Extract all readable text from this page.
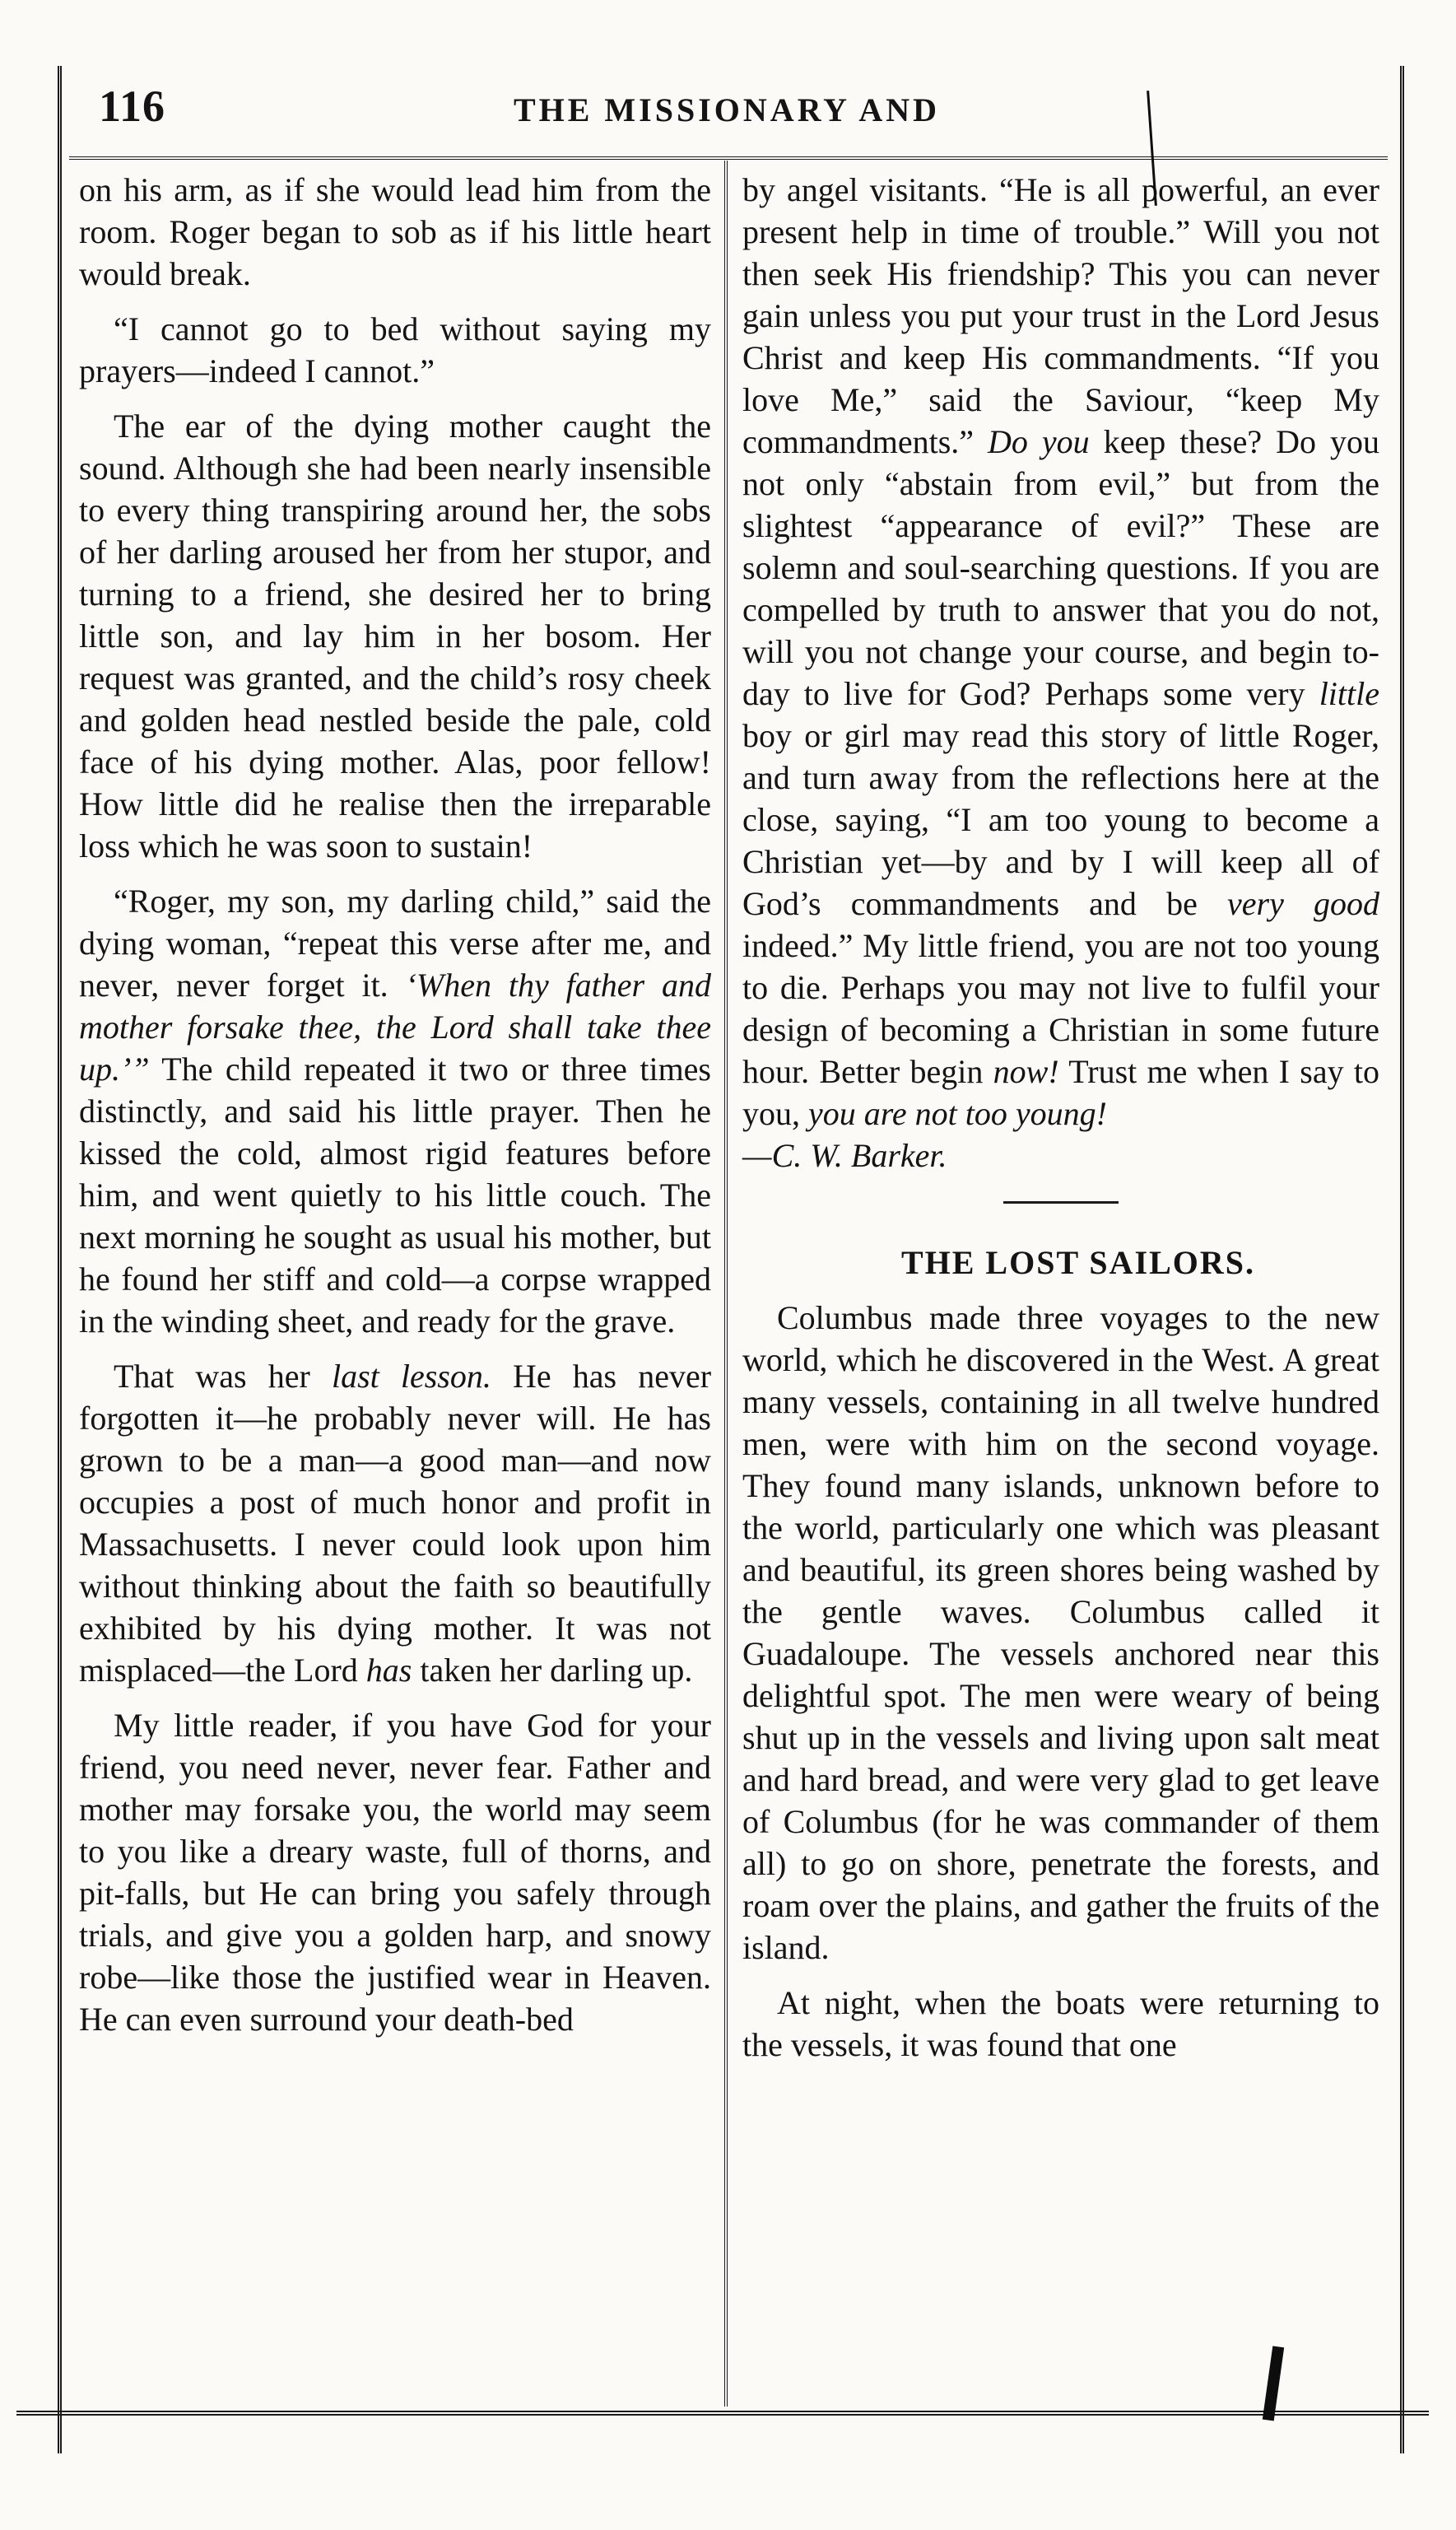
116	THE MISSIONARY AND

on his arm, as if she would lead him from the room. Roger began to sob as if his little heart would break.

“I cannot go to bed without saying my prayers—indeed I cannot.”

The ear of the dying mother caught the sound. Although she had been nearly insensible to every thing transpiring around her, the sobs of her darling aroused her from her stupor, and turning to a friend, she desired her to bring little son, and lay him in her bosom. Her request was granted, and the child’s rosy cheek and golden head nestled beside the pale, cold face of his dying mother. Alas, poor fellow! How little did he realise then the irreparable loss which he was soon to sustain!

“Roger, my son, my darling child,” said the dying woman, “repeat this verse after me, and never, never forget it. ‘When thy father and mother forsake thee, the Lord shall take thee up.’” The child repeated it two or three times distinctly, and said his little prayer. Then he kissed the cold, almost rigid features before him, and went quietly to his little couch. The next morning he sought as usual his mother, but he found her stiff and cold—a corpse wrapped in the winding sheet, and ready for the grave.

That was her last lesson. He has never forgotten it—he probably never will. He has grown to be a man—a good man—and now occupies a post of much honor and profit in Massachusetts. I never could look upon him without thinking about the faith so beautifully exhibited by his dying mother. It was not misplaced—the Lord has taken her darling up.

My little reader, if you have God for your friend, you need never, never fear. Father and mother may forsake you, the world may seem to you like a dreary waste, full of thorns, and pit-falls, but He can bring you safely through trials, and give you a golden harp, and snowy robe—like those the justified wear in Heaven. He can even surround your death-bed

by angel visitants. “He is all powerful, an ever present help in time of trouble.” Will you not then seek His friendship? This you can never gain unless you put your trust in the Lord Jesus Christ and keep His commandments. “If you love Me,” said the Saviour, “keep My commandments.” Do you keep these? Do you not only “abstain from evil,” but from the slightest “appearance of evil?” These are solemn and soul-searching questions. If you are compelled by truth to answer that you do not, will you not change your course, and begin to-day to live for God? Perhaps some very little boy or girl may read this story of little Roger, and turn away from the reflections here at the close, saying, “I am too young to become a Christian yet—by and by I will keep all of God’s commandments and be very good indeed.” My little friend, you are not too young to die. Perhaps you may not live to fulfil your design of becoming a Christian in some future hour. Better begin now! Trust me when I say to you, you are not too young!
—C. W. Barker.

THE LOST SAILORS.

Columbus made three voyages to the new world, which he discovered in the West. A great many vessels, containing in all twelve hundred men, were with him on the second voyage. They found many islands, unknown before to the world, particularly one which was pleasant and beautiful, its green shores being washed by the gentle waves. Columbus called it Guadaloupe. The vessels anchored near this delightful spot. The men were weary of being shut up in the vessels and living upon salt meat and hard bread, and were very glad to get leave of Columbus (for he was commander of them all) to go on shore, penetrate the forests, and roam over the plains, and gather the fruits of the island.

At night, when the boats were returning to the vessels, it was found that one
